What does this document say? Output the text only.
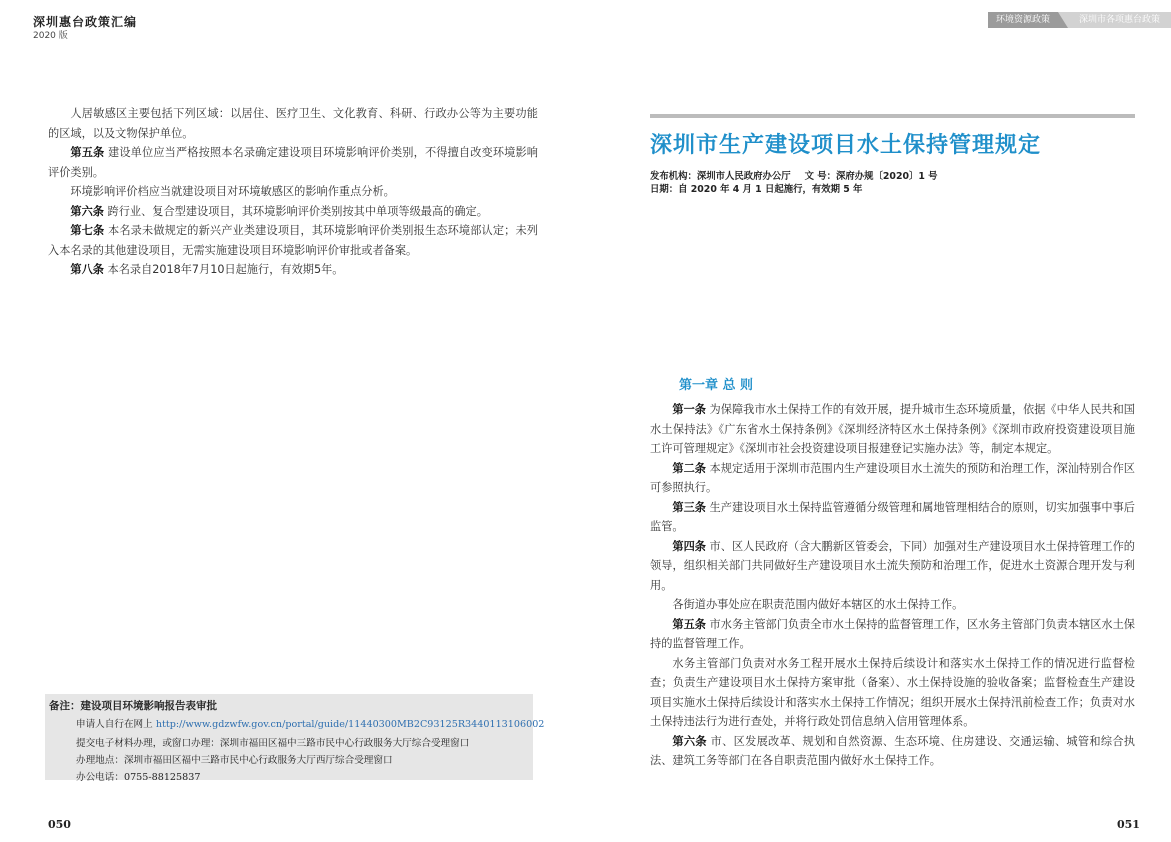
深圳惠台政策汇编
2020 版

人居敏感区主要包括下列区域：以居住、医疗卫生、文化教育、科研、行政办公等为主要功能的区域，以及文物保护单位。

第五条 建设单位应当严格按照本名录确定建设项目环境影响评价类别，不得擅自改变环境影响评价类别。

环境影响评价档应当就建设项目对环境敏感区的影响作重点分析。

第六条 跨行业、复合型建设项目，其环境影响评价类别按其中单项等级最高的确定。

第七条 本名录未做规定的新兴产业类建设项目，其环境影响评价类别报生态环境部认定；未列入本名录的其他建设项目，无需实施建设项目环境影响评价审批或者备案。

第八条 本名录自2018年7月10日起施行，有效期5年。

备注：建设项目环境影响报告表审批
申请人自行在网上 http://www.gdzwfw.gov.cn/portal/guide/11440300MB2C93125R3440113106002
提交电子材料办理，或窗口办理：深圳市福田区福中三路市民中心行政服务大厅综合受理窗口
办理地点：深圳市福田区福中三路市民中心行政服务大厅西厅综合受理窗口
办公电话：0755-88125837
050
环境资源政策	深圳市各项惠台政策
深圳市生产建设项目水土保持管理规定
发布机构：深圳市人民政府办公厅 文 号：深府办规〔2020〕1 号
日期：自 2020 年 4 月 1 日起施行，有效期 5 年
第一章 总 则

第一条 为保障我市水土保持工作的有效开展，提升城市生态环境质量，依据《中华人民共和国水土保持法》《广东省水土保持条例》《深圳经济特区水土保持条例》《深圳市政府投资建设项目施工许可管理规定》《深圳市社会投资建设项目报建登记实施办法》等，制定本规定。

第二条 本规定适用于深圳市范围内生产建设项目水土流失的预防和治理工作，深汕特别合作区可参照执行。

第三条 生产建设项目水土保持监管遵循分级管理和属地管理相结合的原则，切实加强事中事后监管。

第四条 市、区人民政府（含大鹏新区管委会，下同）加强对生产建设项目水土保持管理工作的领导，组织相关部门共同做好生产建设项目水土流失预防和治理工作，促进水土资源合理开发与利用。

各街道办事处应在职责范围内做好本辖区的水土保持工作。

第五条 市水务主管部门负责全市水土保持的监督管理工作，区水务主管部门负责本辖区水土保持的监督管理工作。

水务主管部门负责对水务工程开展水土保持后续设计和落实水土保持工作的情况进行监督检查；负责生产建设项目水土保持方案审批（备案）、水土保持设施的验收备案；监督检查生产建设项目实施水土保持后续设计和落实水土保持工作情况；组织开展水土保持汛前检查工作；负责对水土保持违法行为进行查处，并将行政处罚信息纳入信用管理体系。

第六条 市、区发展改革、规划和自然资源、生态环境、住房建设、交通运输、城管和综合执法、建筑工务等部门在各自职责范围内做好水土保持工作。

051
